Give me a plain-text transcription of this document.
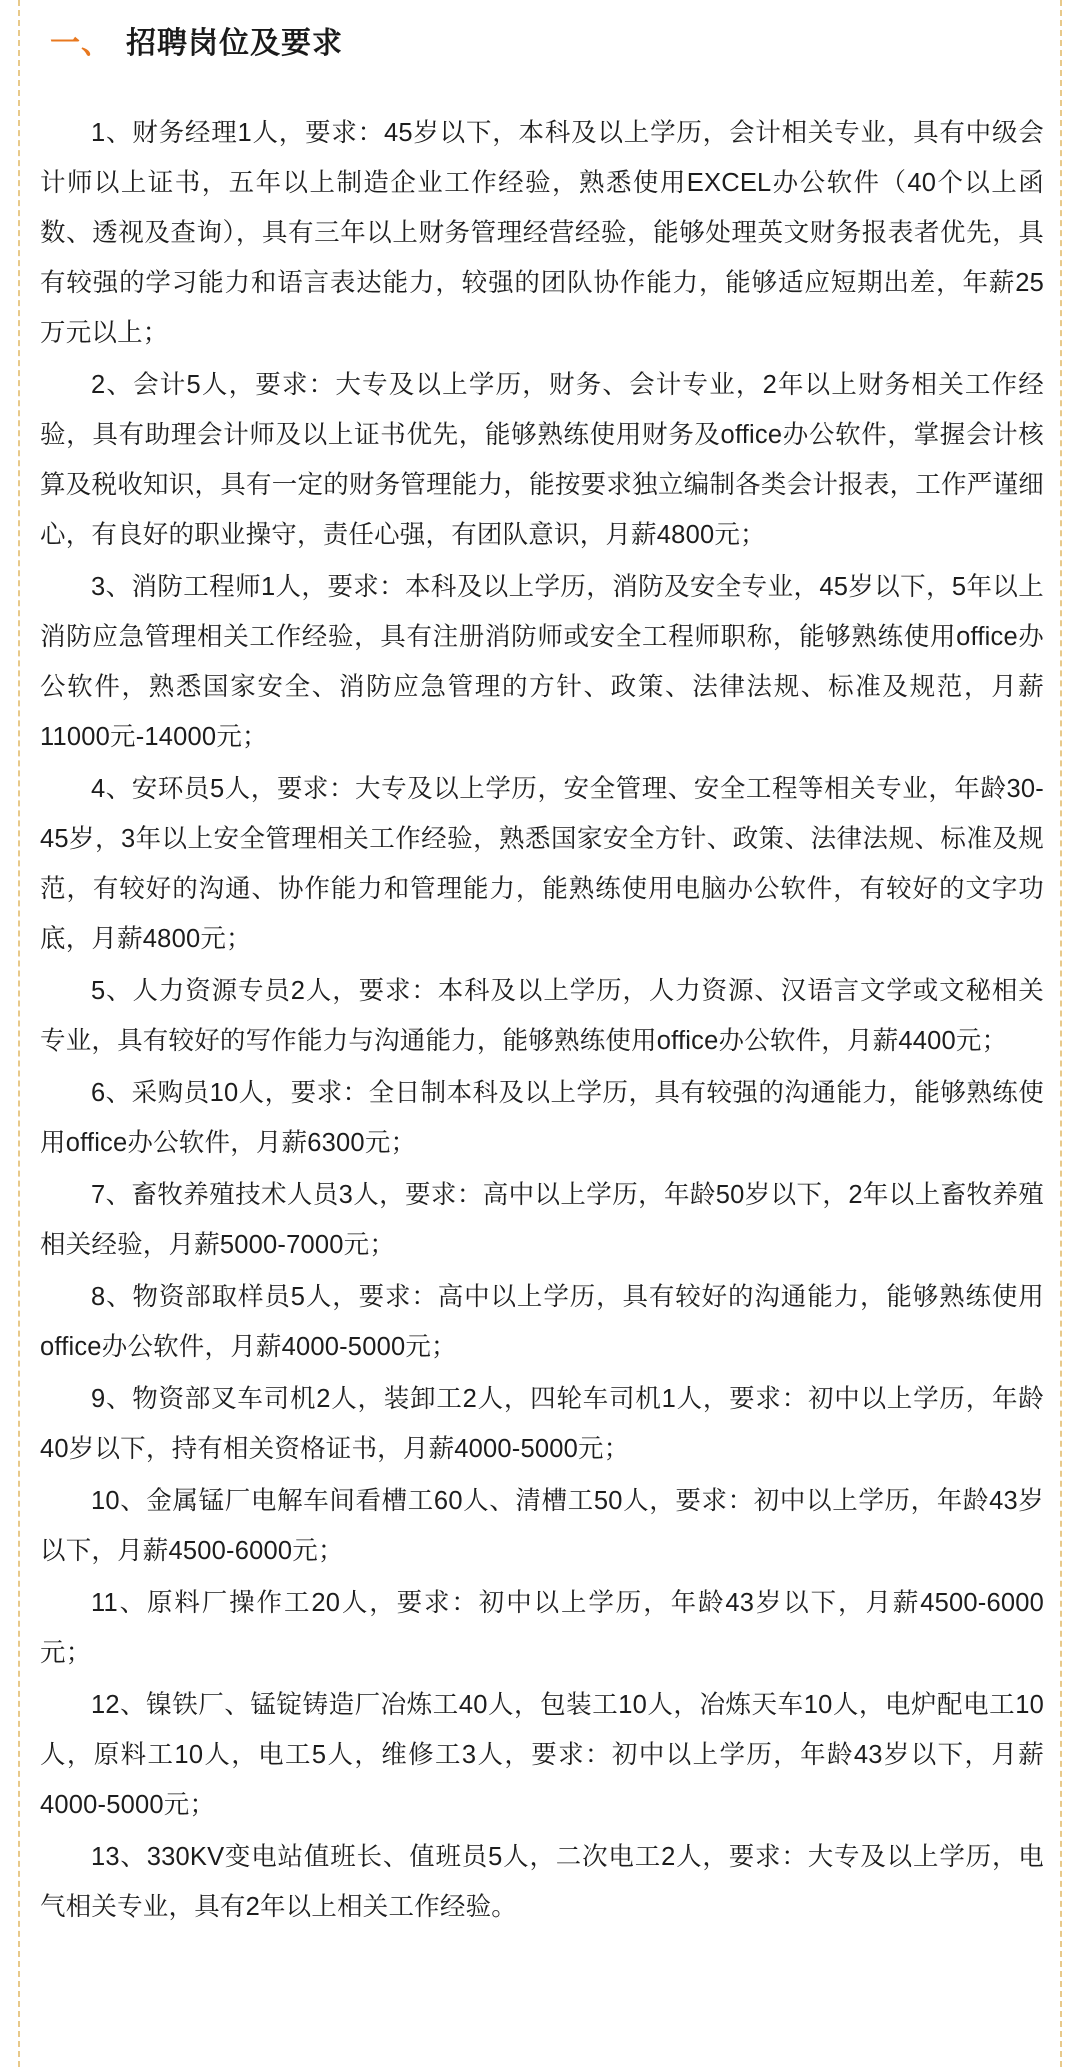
一、 招聘岗位及要求

1、财务经理1人，要求：45岁以下，本科及以上学历，会计相关专业，具有中级会计师以上证书，五年以上制造企业工作经验，熟悉使用EXCEL办公软件（40个以上函数、透视及查询），具有三年以上财务管理经营经验，能够处理英文财务报表者优先，具有较强的学习能力和语言表达能力，较强的团队协作能力，能够适应短期出差，年薪25万元以上；

2、会计5人，要求：大专及以上学历，财务、会计专业，2年以上财务相关工作经验，具有助理会计师及以上证书优先，能够熟练使用财务及office办公软件，掌握会计核算及税收知识，具有一定的财务管理能力，能按要求独立编制各类会计报表，工作严谨细心，有良好的职业操守，责任心强，有团队意识，月薪4800元；

3、消防工程师1人，要求：本科及以上学历，消防及安全专业，45岁以下，5年以上消防应急管理相关工作经验，具有注册消防师或安全工程师职称，能够熟练使用office办公软件，熟悉国家安全、消防应急管理的方针、政策、法律法规、标准及规范，月薪11000元-14000元；

4、安环员5人，要求：大专及以上学历，安全管理、安全工程等相关专业，年龄30-45岁，3年以上安全管理相关工作经验，熟悉国家安全方针、政策、法律法规、标准及规范，有较好的沟通、协作能力和管理能力，能熟练使用电脑办公软件，有较好的文字功底，月薪4800元；

5、人力资源专员2人，要求：本科及以上学历，人力资源、汉语言文学或文秘相关专业，具有较好的写作能力与沟通能力，能够熟练使用office办公软件，月薪4400元；

6、采购员10人，要求：全日制本科及以上学历，具有较强的沟通能力，能够熟练使用office办公软件，月薪6300元；

7、畜牧养殖技术人员3人，要求：高中以上学历，年龄50岁以下，2年以上畜牧养殖相关经验，月薪5000-7000元；

8、物资部取样员5人，要求：高中以上学历，具有较好的沟通能力，能够熟练使用office办公软件，月薪4000-5000元；

9、物资部叉车司机2人，装卸工2人，四轮车司机1人，要求：初中以上学历，年龄40岁以下，持有相关资格证书，月薪4000-5000元；

10、金属锰厂电解车间看槽工60人、清槽工50人，要求：初中以上学历，年龄43岁以下，月薪4500-6000元；

11、原料厂操作工20人，要求：初中以上学历，年龄43岁以下，月薪4500-6000元；

12、镍铁厂、锰锭铸造厂冶炼工40人，包装工10人，冶炼天车10人，电炉配电工10人，原料工10人，电工5人，维修工3人，要求：初中以上学历，年龄43岁以下，月薪4000-5000元；

13、330KV变电站值班长、值班员5人，二次电工2人，要求：大专及以上学历，电气相关专业，具有2年以上相关工作经验。
